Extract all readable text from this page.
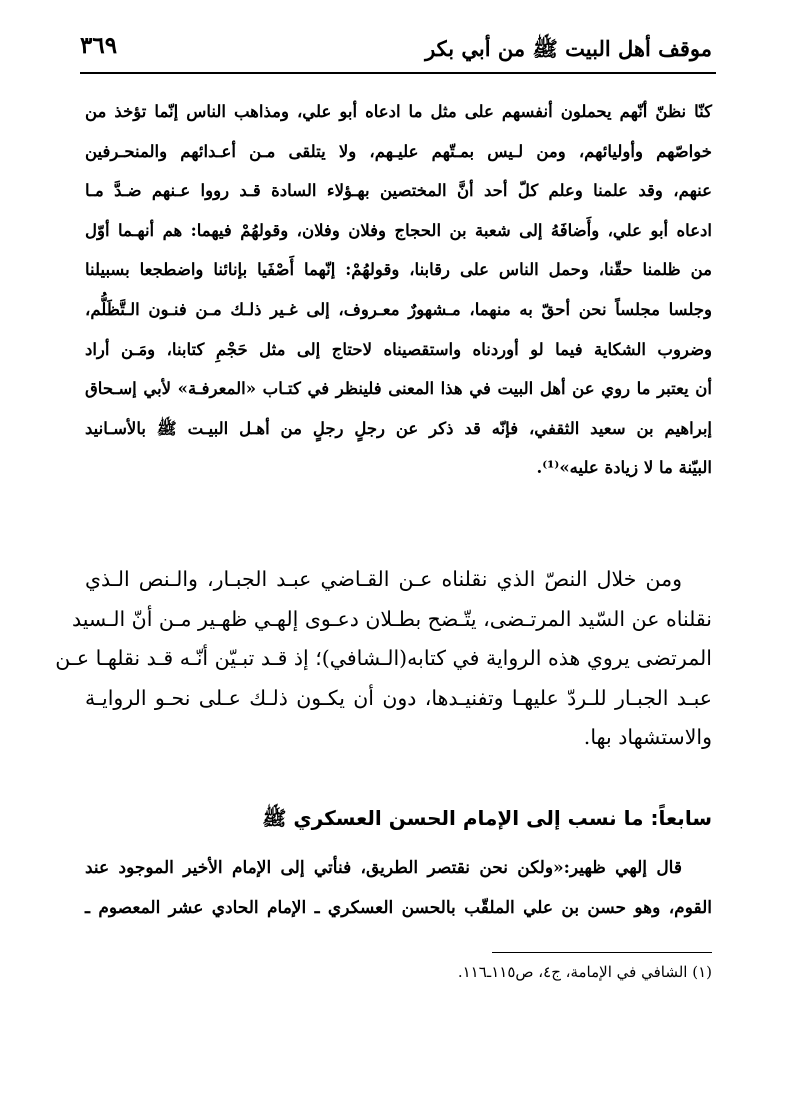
موقف أهل البيت ﷺ من أبي بكر
٣٦٩
كنّا نظنّ أنّهم يحملون أنفسهم على مثل ما ادعاه أبو علي، ومذاهب الناس إنّما تؤخذ من
خواصّهم وأوليائهم، ومن لـيس بمـتّهم عليـهم، ولا يتلقى مـن أعـدائهم والمنحـرفين
عنهم، وقد علمنا وعلم كلّ أحد أنَّ المختصين بهـؤلاء السادة قـد رووا عـنهم ضـدَّ مـا
ادعاه أبو علي، وأَضافَهُ إلى شعبة بن الحجاج وفلان وفلان، وقولهُمْ فيهما: هم أنهـما أوّل
من ظلمنا حقّنا، وحمل الناس على رقابنا، وقولهُمْ: إنّهما أَصْفَيا بإنائنا واضطجعا بسبيلنا
وجلسا مجلساً نحن أحقّ به منهما، مـشهورٌ معـروف، إلى غـير ذلـك مـن فنـون الـتَّظَلُّم،
وضروب الشكاية فيما لو أوردناه واستقصيناه لاحتاج إلى مثل حَجْمِ كتابنا، ومَـن أراد
أن يعتبر ما روي عن أهل البيت في هذا المعنى فلينظر في كتـاب «المعرفـة» لأبي إسـحاق
إبراهيم بن سعيد الثقفي، فإنّه قد ذكر عن رجلٍ رجلٍ من أهـل البيـت ﷺ بالأسـانيد
البيّنة ما لا زيادة عليه»⁽¹⁾.
ومن خلال النصّ الذي نقلناه عـن القـاضي عبـد الجبـار، والـنص الـذي
نقلناه عن السّيد المرتـضى، يتّـضح بطـلان دعـوى إلهـي ظهـير مـن أنّ الـسيد
المرتضى يروي هذه الرواية في كتابه(الـشافي)؛ إذ قـد تبـيّن أنّـه قـد نقلهـا عـن
عبـد الجبـار للـردّ عليهـا وتفنيـدها، دون أن يكـون ذلـك عـلى نحـو الروايـة
والاستشهاد بها.
سابعاً: ما نسب إلى الإمام الحسن العسكري ﷺ
قال إلهي ظهير:«ولكن نحن نقتصر الطريق، فنأتي إلى الإمام الأخير الموجود عند
القوم، وهو حسن بن علي الملقّب بالحسن العسكري ـ الإمام الحادي عشر المعصوم ـ
(١) الشافي في الإمامة، ج٤، ص١١٥ـ١١٦.
